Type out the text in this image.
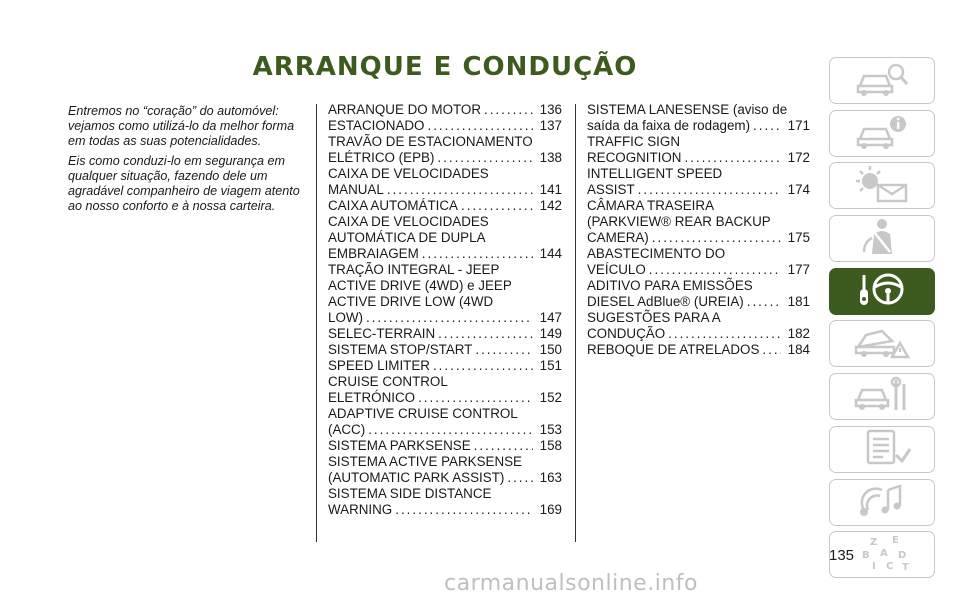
ARRANQUE E CONDUÇÃO

Entremos no “coração” do automóvel: vejamos como utilizá-lo da melhor forma em todas as suas potencialidades.

Eis como conduzi-lo em segurança em qualquer situação, fazendo dele um agradável companheiro de viagem atento ao nosso conforto e à nossa carteira.

ARRANQUE DO MOTOR .....	136
ESTACIONADO .....	137
TRAVÃO DE ESTACIONAMENTO
ELÉTRICO (EPB) .....	138
CAIXA DE VELOCIDADES
MANUAL .....	141
CAIXA AUTOMÁTICA .....	142
CAIXA DE VELOCIDADES
AUTOMÁTICA DE DUPLA
EMBRAIAGEM .....	144
TRAÇÃO INTEGRAL - JEEP
ACTIVE DRIVE (4WD) e JEEP
ACTIVE DRIVE LOW (4WD
LOW) .....	147
SELEC-TERRAIN .....	149
SISTEMA STOP/START .....	150
SPEED LIMITER .....	151
CRUISE CONTROL
ELETRÓNICO .....	152
ADAPTIVE CRUISE CONTROL
(ACC) .....	153
SISTEMA PARKSENSE .....	158
SISTEMA ACTIVE PARKSENSE
(AUTOMATIC PARK ASSIST) .....	163
SISTEMA SIDE DISTANCE
WARNING .....	169
SISTEMA LANESENSE (aviso de
saída da faixa de rodagem) .....	171
TRAFFIC SIGN
RECOGNITION .....	172
INTELLIGENT SPEED
ASSIST .....	174
CÂMARA TRASEIRA
(PARKVIEW® REAR BACKUP
CAMERA) .....	175
ABASTECIMENTO DO
VEÍCULO .....	177
ADITIVO PARA EMISSÕES
DIESEL AdBlue® (UREIA) .....	181
SUGESTÕES PARA A
CONDUÇÃO .....	182
REBOQUE DE ATRELADOS ..... 184
Z E
B A D
I C T
135
carmanualsonline.info
